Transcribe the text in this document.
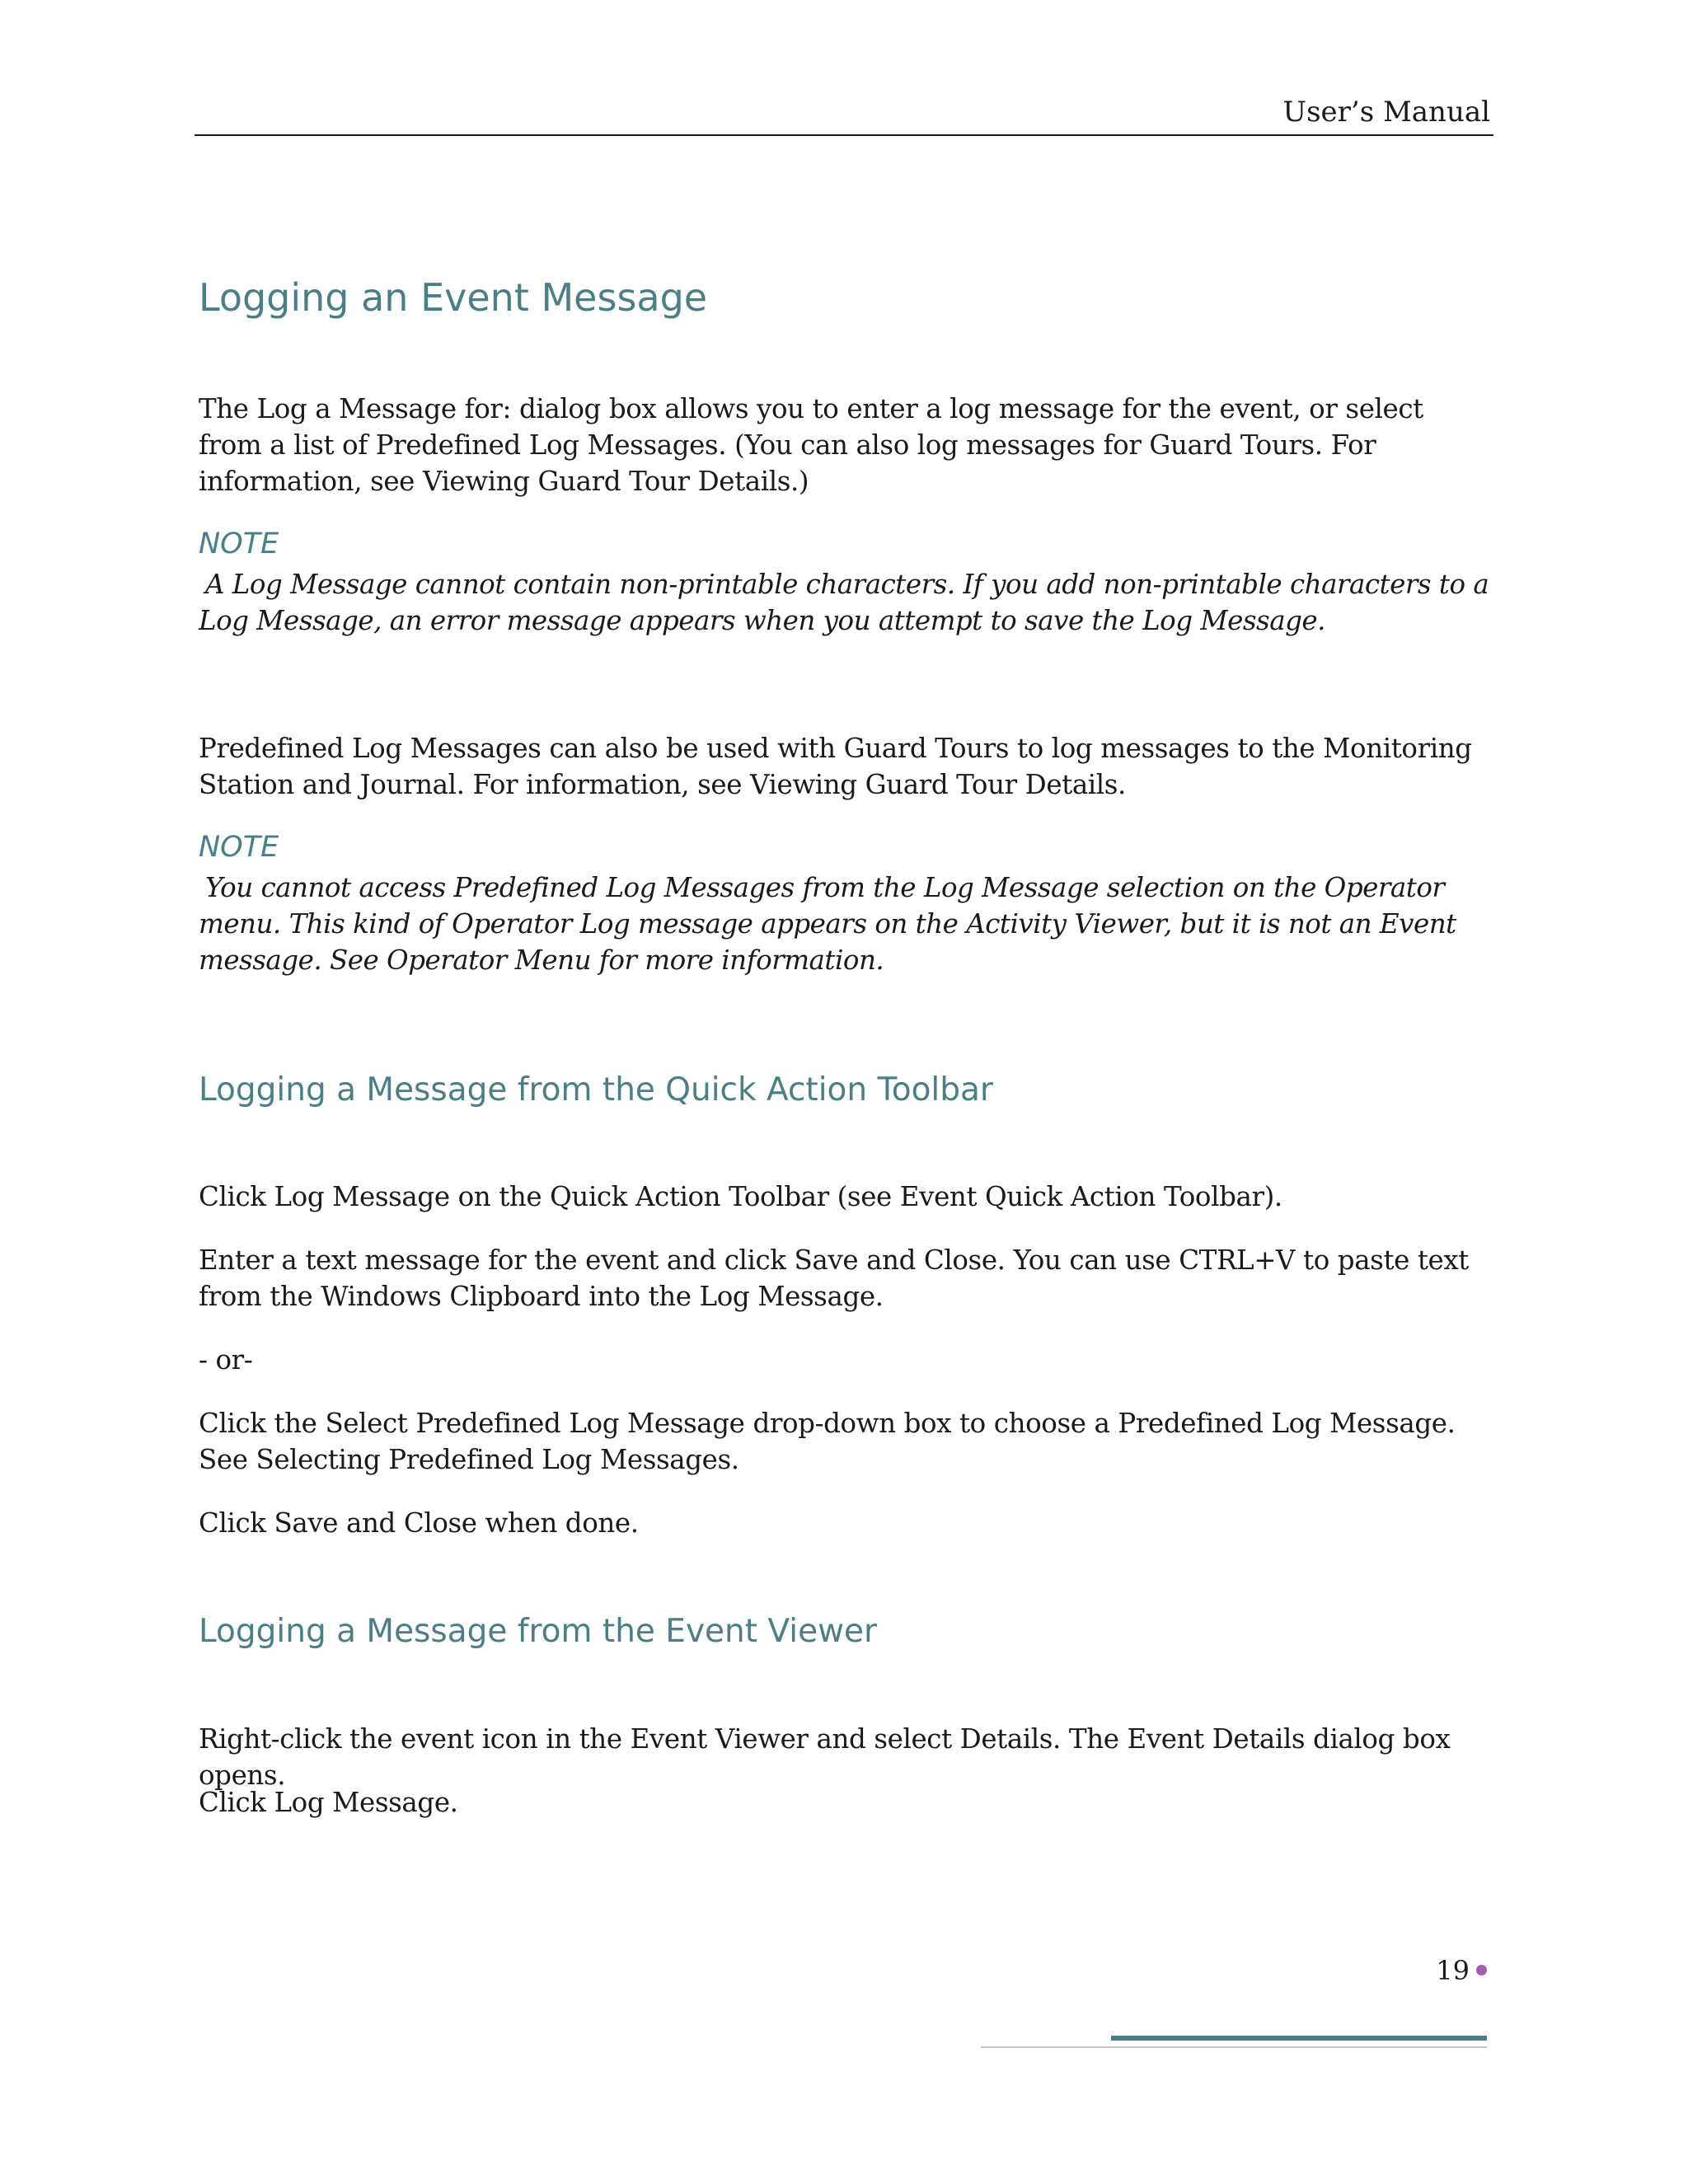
User’s Manual
Logging an Event Message

The Log a Message for: dialog box allows you to enter a log message for the event, or select from a list of Predefined Log Messages. (You can also log messages for Guard Tours. For information, see Viewing Guard Tour Details.)

NOTE

A Log Message cannot contain non-printable characters. If you add non-printable characters to a Log Message, an error message appears when you attempt to save the Log Message.

Predefined Log Messages can also be used with Guard Tours to log messages to the Monitoring Station and Journal. For information, see Viewing Guard Tour Details.

NOTE

You cannot access Predefined Log Messages from the Log Message selection on the Operator menu. This kind of Operator Log message appears on the Activity Viewer, but it is not an Event message. See Operator Menu for more information.

Logging a Message from the Quick Action Toolbar

Click Log Message on the Quick Action Toolbar (see Event Quick Action Toolbar).

Enter a text message for the event and click Save and Close. You can use CTRL+V to paste text from the Windows Clipboard into the Log Message.

- or-

Click the Select Predefined Log Message drop-down box to choose a Predefined Log Message. See Selecting Predefined Log Messages.

Click Save and Close when done.

Logging a Message from the Event Viewer

Right-click the event icon in the Event Viewer and select Details. The Event Details dialog box opens.

Click Log Message.

19
